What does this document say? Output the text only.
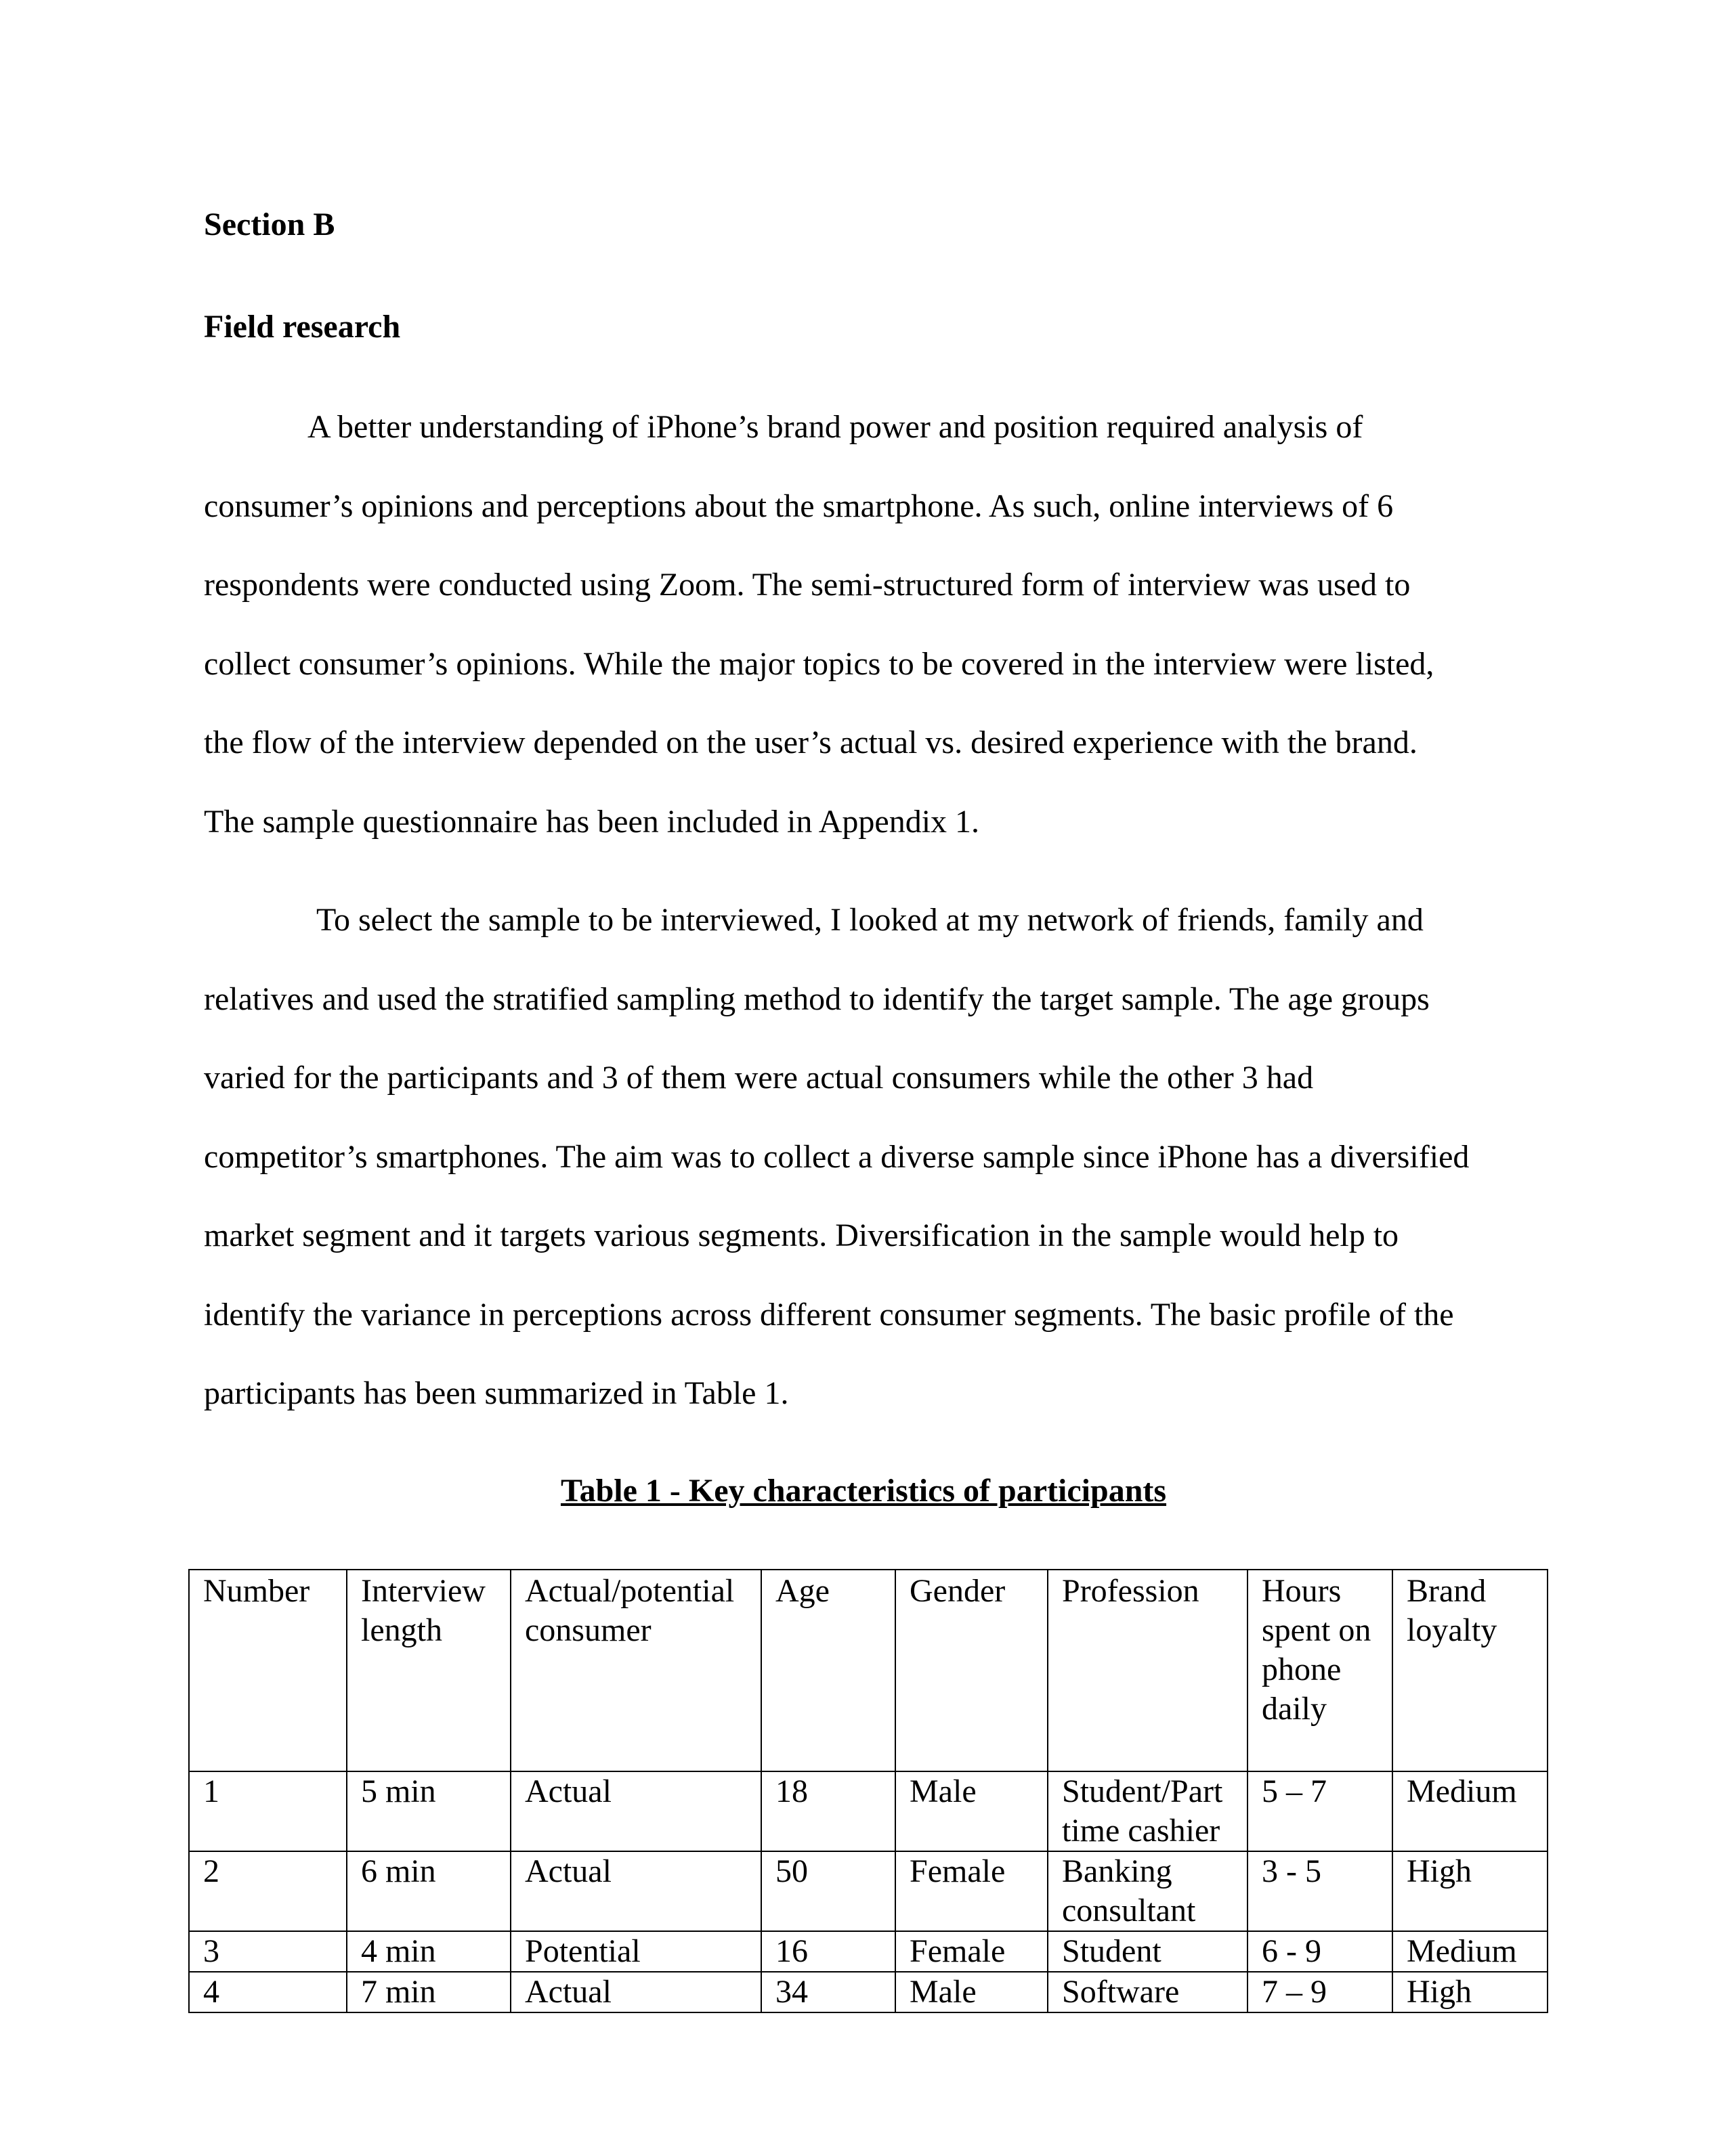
Section B
Field research

A better understanding of iPhone’s brand power and position required analysis of
consumer’s opinions and perceptions about the smartphone. As such, online interviews of 6
respondents were conducted using Zoom. The semi-structured form of interview was used to
collect consumer’s opinions. While the major topics to be covered in the interview were listed,
the flow of the interview depended on the user’s actual vs. desired experience with the brand.
The sample questionnaire has been included in Appendix 1.

To select the sample to be interviewed, I looked at my network of friends, family and
relatives and used the stratified sampling method to identify the target sample. The age groups
varied for the participants and 3 of them were actual consumers while the other 3 had
competitor’s smartphones. The aim was to collect a diverse sample since iPhone has a diversified
market segment and it targets various segments. Diversification in the sample would help to
identify the variance in perceptions across different consumer segments. The basic profile of the
participants has been summarized in Table 1.

Table 1 - Key characteristics of participants
Number	Interview length	Actual/potential consumer	Age	Gender	Profession	Hours spent on phone daily	Brand loyalty
1	5 min	Actual	18	Male	Student/Part time cashier	5 – 7	Medium
2	6 min	Actual	50	Female	Banking consultant	3 - 5	High
3	4 min	Potential	16	Female	Student	6 - 9	Medium
4	7 min	Actual	34	Male	Software	7 – 9	High
